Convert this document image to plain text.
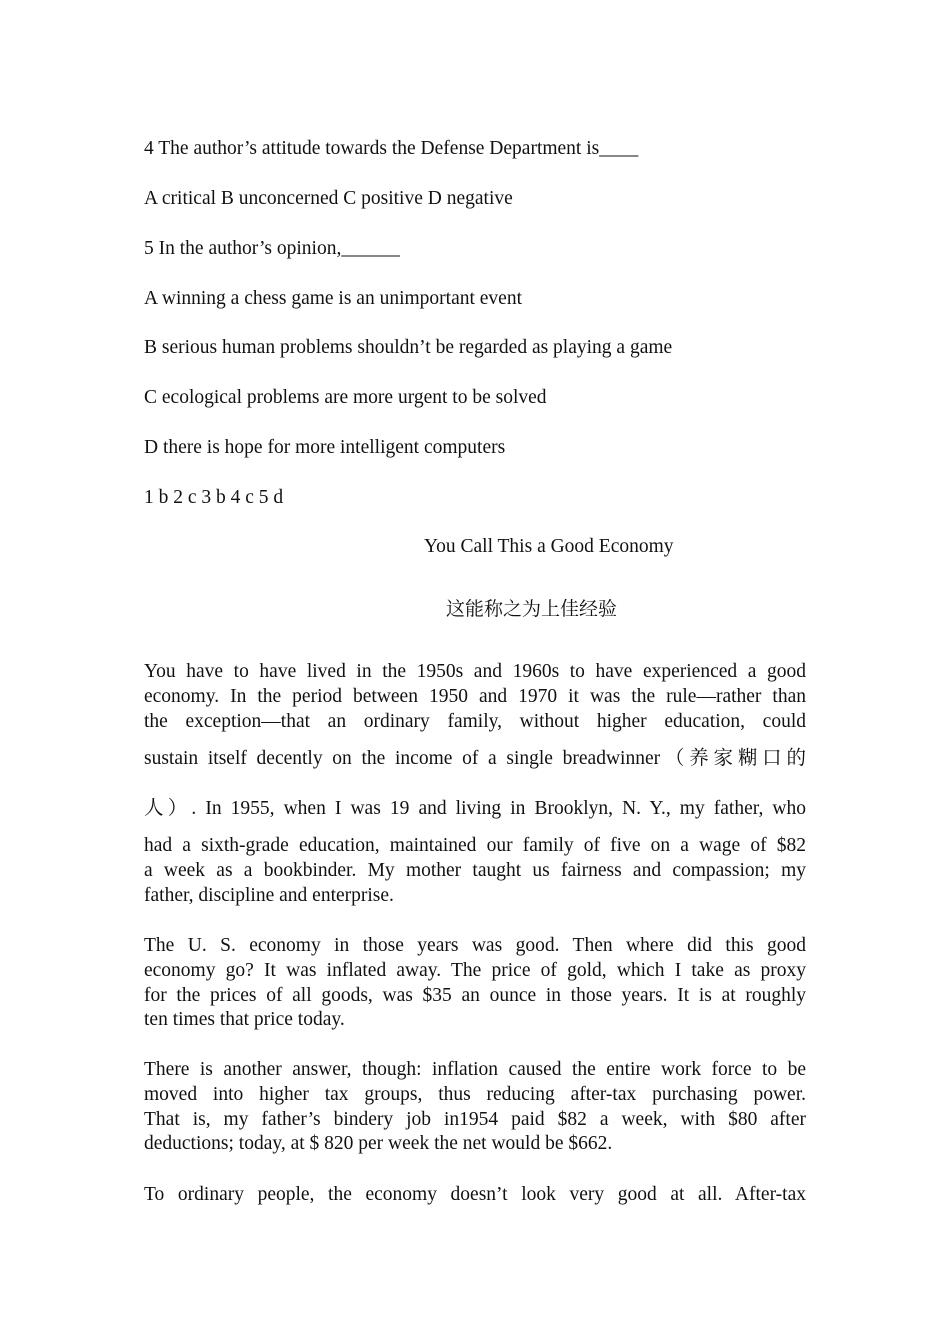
4 The author’s attitude towards the Defense Department is____
A critical B unconcerned C positive D negative
5 In the author’s opinion,______
A winning a chess game is an unimportant event
B serious human problems shouldn’t be regarded as playing a game
C ecological problems are more urgent to be solved
D there is hope for more intelligent computers
1 b 2 c 3 b 4 c 5 d
You Call This a Good Economy
这能称之为上佳经验
You have to have lived in the 1950s and 1960s to have experienced a good
economy. In the period between 1950 and 1970 it was the rule—rather than
the exception—that an ordinary family, without higher education, could
sustain itself decently on the income of a single breadwinner（养家糊口的
人）. In 1955, when I was 19 and living in Brooklyn, N. Y., my father, who
had a sixth-grade education, maintained our family of five on a wage of $82
a week as a bookbinder. My mother taught us fairness and compassion; my
father, discipline and enterprise.
The U. S. economy in those years was good. Then where did this good
economy go? It was inflated away. The price of gold, which I take as proxy
for the prices of all goods, was $35 an ounce in those years. It is at roughly
ten times that price today.
There is another answer, though: inflation caused the entire work force to be
moved into higher tax groups, thus reducing after-tax purchasing power.
That is, my father’s bindery job in1954 paid $82 a week, with $80 after
deductions; today, at $ 820 per week the net would be $662.
To ordinary people, the economy doesn’t look very good at all. After-tax
